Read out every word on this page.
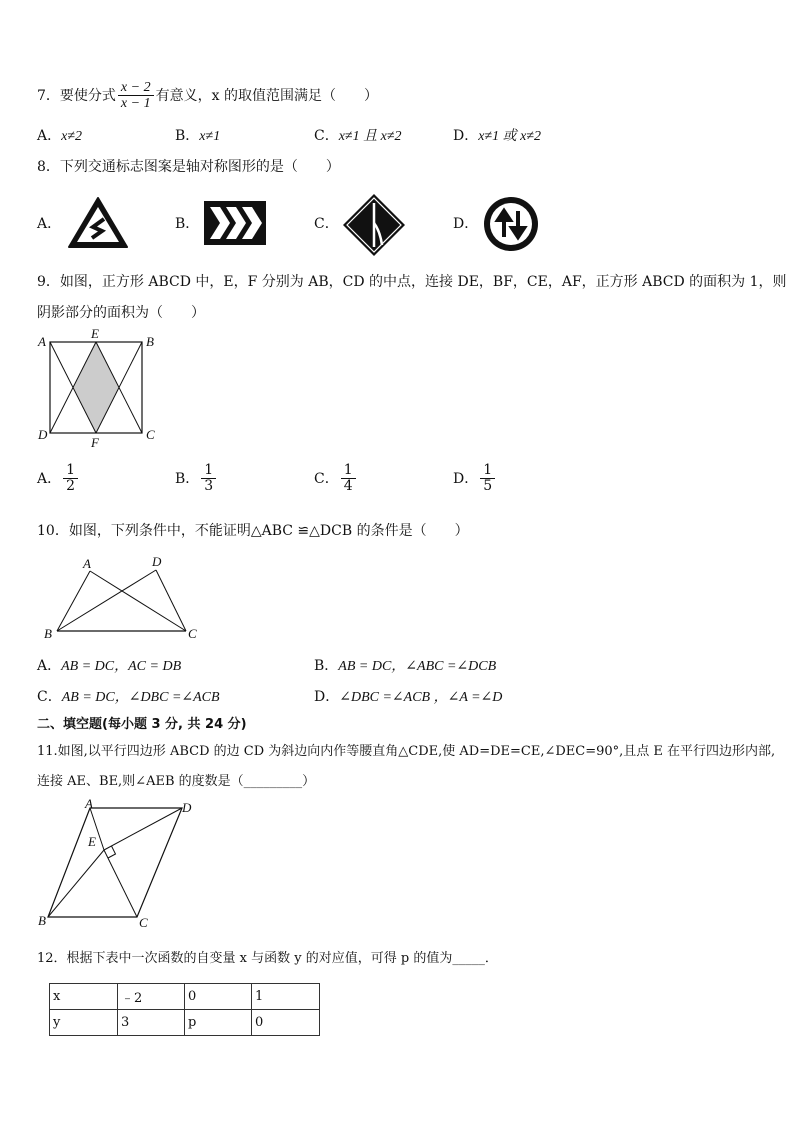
7．要使分式 $\frac{x - 2}{x - 1}$ 有意义，x 的取值范围满足（　　）
A．x≠2	B．x≠1	C．x≠1 且 x≠2	D．x≠1 或 x≠2
8．下列交通标志图案是轴对称图形的是（　　）
A．	B．	C．	D．
9．如图，正方形 ABCD 中，E，F 分别为 AB，CD 的中点，连接 DE，BF，CE，AF，正方形 ABCD 的面积为 1，则
阴影部分的面积为（　　）
A
E
B
D
F
C
A． $\frac{1}{2}$	B． $\frac{1}{3}$	C． $\frac{1}{4}$	D． $\frac{1}{5}$
10．如图，下列条件中，不能证明△ABC ≌△DCB 的条件是（　　）
A	D
B	C
A．AB = DC，AC = DB	B．AB = DC，∠ABC =∠DCB
C．AB = DC，∠DBC =∠ACB	D．∠DBC =∠ACB ，∠A =∠D
二、填空题(每小题 3 分, 共 24 分)
11.如图,以平行四边形 ABCD 的边 CD 为斜边向内作等腰直角△CDE,使 AD=DE=CE,∠DEC=90°,且点 E 在平行四边形内部,
连接 AE、BE,则∠AEB 的度数是（_________）
A	D
E
B	C
12．根据下表中一次函数的自变量 x 与函数 y 的对应值，可得 p 的值为_____．
x	﹣2	0	1
y	3	p	0
